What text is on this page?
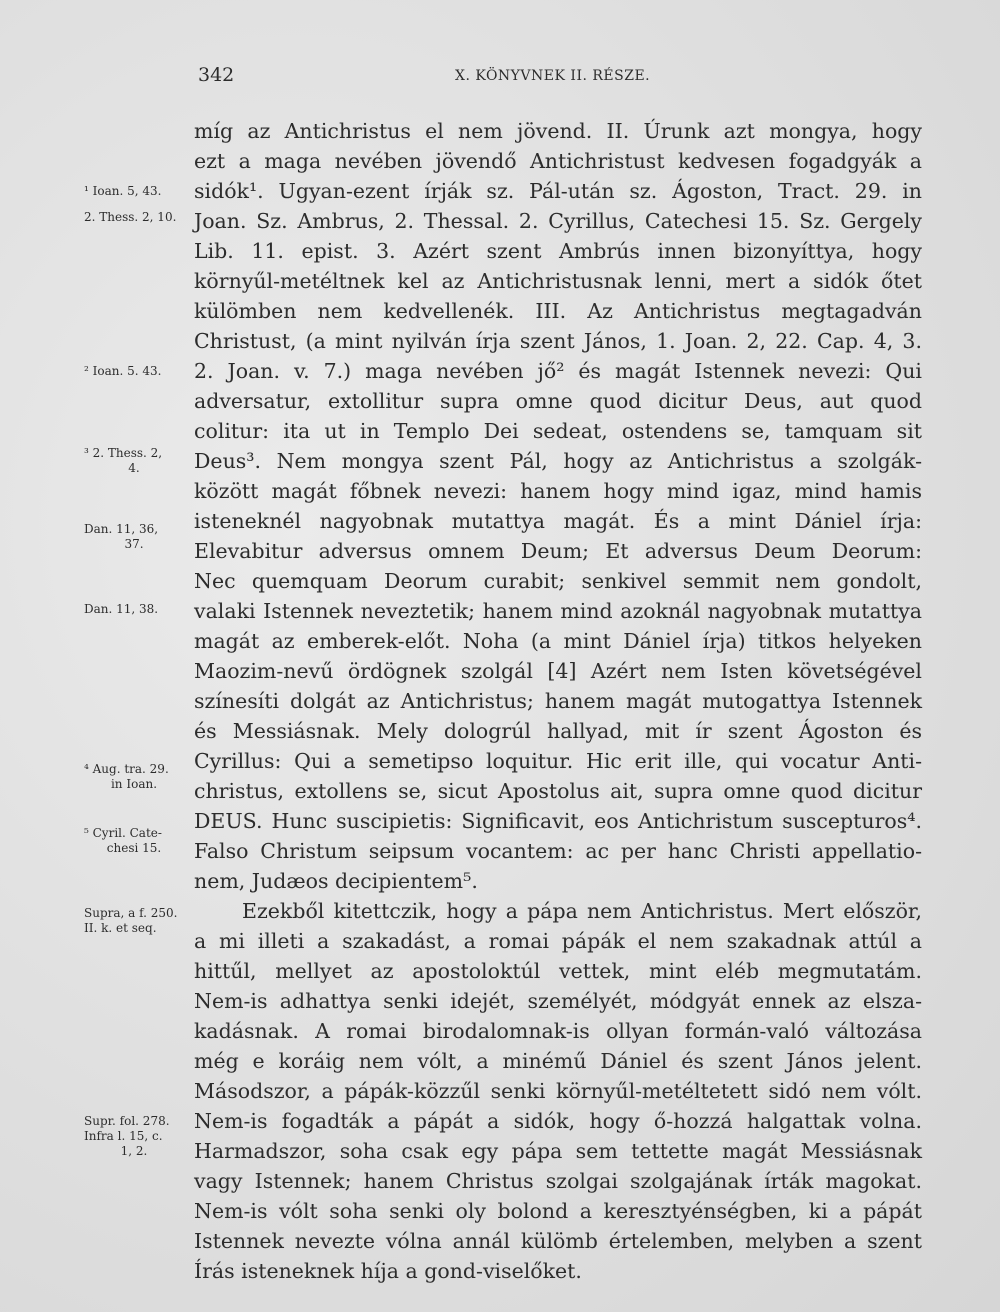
342	X. KÖNYVNEK II. RÉSZE.
míg az Antichristus el nem jövend. II. Úrunk azt mongya, hogy
ezt a maga nevében jövendő Antichristust kedvesen fogadgyák a
sidók¹. Ugyan-ezent írják sz. Pál-után sz. Ágoston, Tract. 29. in
Joan. Sz. Ambrus, 2. Thessal. 2. Cyrillus, Catechesi 15. Sz. Gergely
Lib. 11. epist. 3. Azért szent Ambrús innen bizonyíttya, hogy
környűl-metéltnek kel az Antichristusnak lenni, mert a sidók őtet
külömben nem kedvellenék. III. Az Antichristus megtagadván
Christust, (a mint nyilván írja szent János, 1. Joan. 2, 22. Cap. 4, 3.
2. Joan. v. 7.) maga nevében jő² és magát Istennek nevezi: Qui
adversatur, extollitur supra omne quod dicitur Deus, aut quod
colitur: ita ut in Templo Dei sedeat, ostendens se, tamquam sit
Deus³. Nem mongya szent Pál, hogy az Antichristus a szolgák-
között magát főbnek nevezi: hanem hogy mind igaz, mind hamis
isteneknél nagyobnak mutattya magát. És a mint Dániel írja:
Elevabitur adversus omnem Deum; Et adversus Deum Deorum:
Nec quemquam Deorum curabit; senkivel semmit nem gondolt,
valaki Istennek neveztetik; hanem mind azoknál nagyobnak mutattya
magát az emberek-előt. Noha (a mint Dániel írja) titkos helyeken
Maozim-nevű ördögnek szolgál [4] Azért nem Isten követségével
színesíti dolgát az Antichristus; hanem magát mutogattya Istennek
és Messiásnak. Mely dologrúl hallyad, mit ír szent Ágoston és
Cyrillus: Qui a semetipso loquitur. Hic erit ille, qui vocatur Anti-
christus, extollens se, sicut Apostolus ait, supra omne quod dicitur
DEUS. Hunc suscipietis: Significavit, eos Antichristum suscepturos⁴.
Falso Christum seipsum vocantem: ac per hanc Christi appellatio-
nem, Judæos decipientem⁵.
Ezekből kitettczik, hogy a pápa nem Antichristus. Mert először,
a mi illeti a szakadást, a romai pápák el nem szakadnak attúl a
hittűl, mellyet az apostoloktúl vettek, mint eléb megmutatám.
Nem-is adhattya senki idejét, személyét, módgyát ennek az elsza-
kadásnak. A romai birodalomnak-is ollyan formán-való változása
még e koráig nem vólt, a minémű Dániel és szent János jelent.
Másodszor, a pápák-közzűl senki környűl-metéltetett sidó nem vólt.
Nem-is fogadták a pápát a sidók, hogy ő-hozzá halgattak volna.
Harmadszor, soha csak egy pápa sem tettette magát Messiásnak
vagy Istennek; hanem Christus szolgai szolgajának írták magokat.
Nem-is vólt soha senki oly bolond a keresztyénségben, ki a pápát
Istennek nevezte vólna annál külömb értelemben, melyben a szent
Írás isteneknek híja a gond-viselőket.
¹ Ioan. 5, 43.
2. Thess. 2, 10.
² Ioan. 5. 43.
³ 2. Thess. 2,

4.
Dan. 11, 36,

37.
Dan. 11, 38.
⁴ Aug. tra. 29.

in Ioan.
⁵ Cyril. Cate-

chesi 15.
Supra, a f. 250.
II. k. et seq.
Supr. fol. 278.
Infra l. 15, c.

1, 2.
